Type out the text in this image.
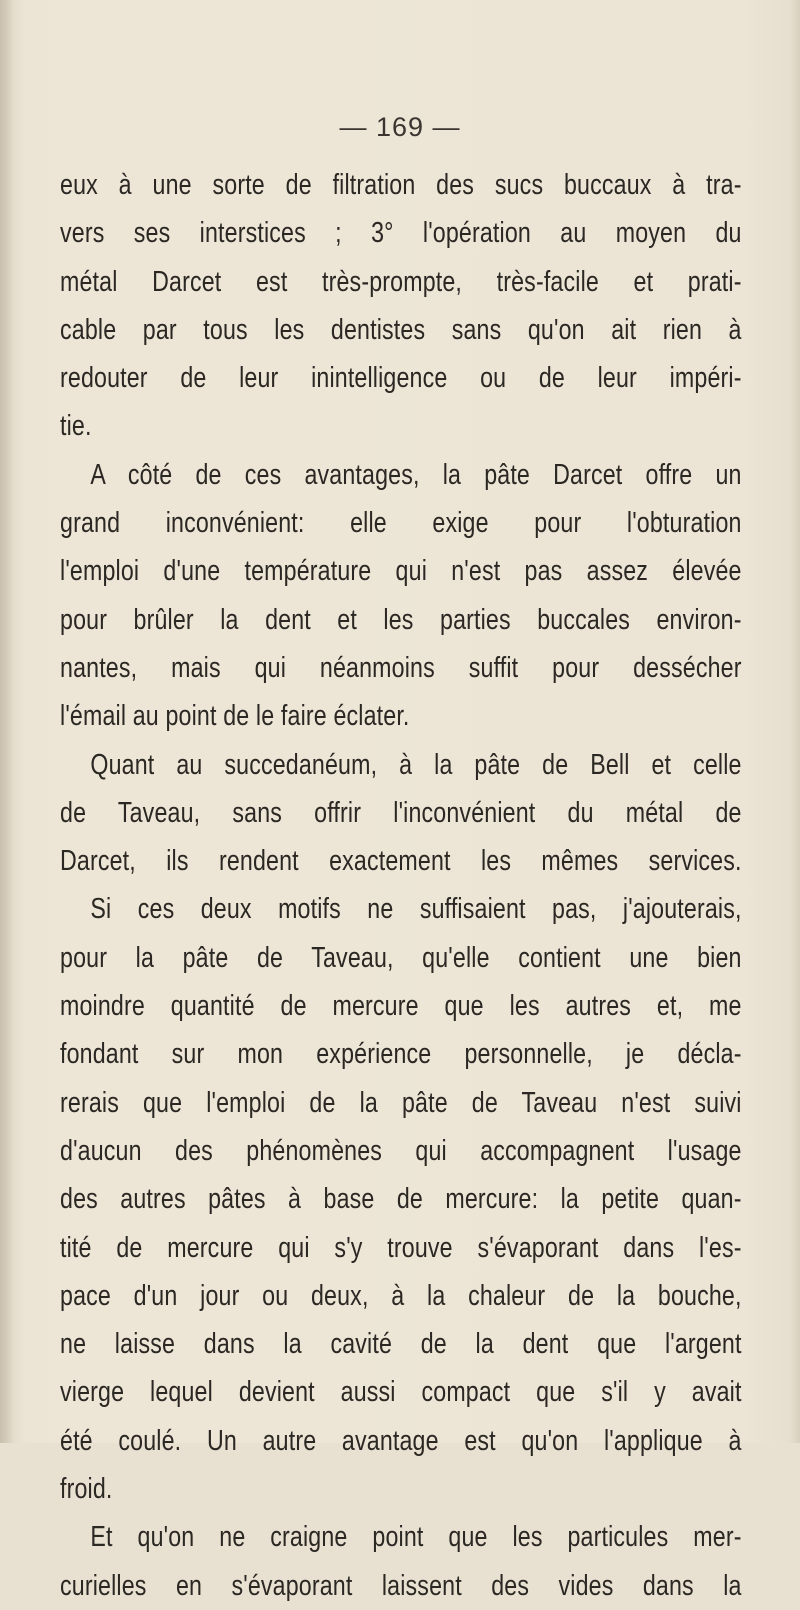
— 169 —
eux à une sorte de filtration des sucs buccaux à tra-
vers ses interstices ; 3° l'opération au moyen du
métal Darcet est très-prompte, très-facile et prati-
cable par tous les dentistes sans qu'on ait rien à
redouter de leur inintelligence ou de leur impéri-
tie.
A côté de ces avantages, la pâte Darcet offre un
grand inconvénient: elle exige pour l'obturation
l'emploi d'une température qui n'est pas assez élevée
pour brûler la dent et les parties buccales environ-
nantes, mais qui néanmoins suffit pour dessécher
l'émail au point de le faire éclater.
Quant au succedanéum, à la pâte de Bell et celle
de Taveau, sans offrir l'inconvénient du métal de
Darcet, ils rendent exactement les mêmes services.
Si ces deux motifs ne suffisaient pas, j'ajouterais,
pour la pâte de Taveau, qu'elle contient une bien
moindre quantité de mercure que les autres et, me
fondant sur mon expérience personnelle, je décla-
rerais que l'emploi de la pâte de Taveau n'est suivi
d'aucun des phénomènes qui accompagnent l'usage
des autres pâtes à base de mercure: la petite quan-
tité de mercure qui s'y trouve s'évaporant dans l'es-
pace d'un jour ou deux, à la chaleur de la bouche,
ne laisse dans la cavité de la dent que l'argent
vierge lequel devient aussi compact que s'il y avait
été coulé. Un autre avantage est qu'on l'applique à
froid.
Et qu'on ne craigne point que les particules mer-
curielles en s'évaporant laissent des vides dans la
